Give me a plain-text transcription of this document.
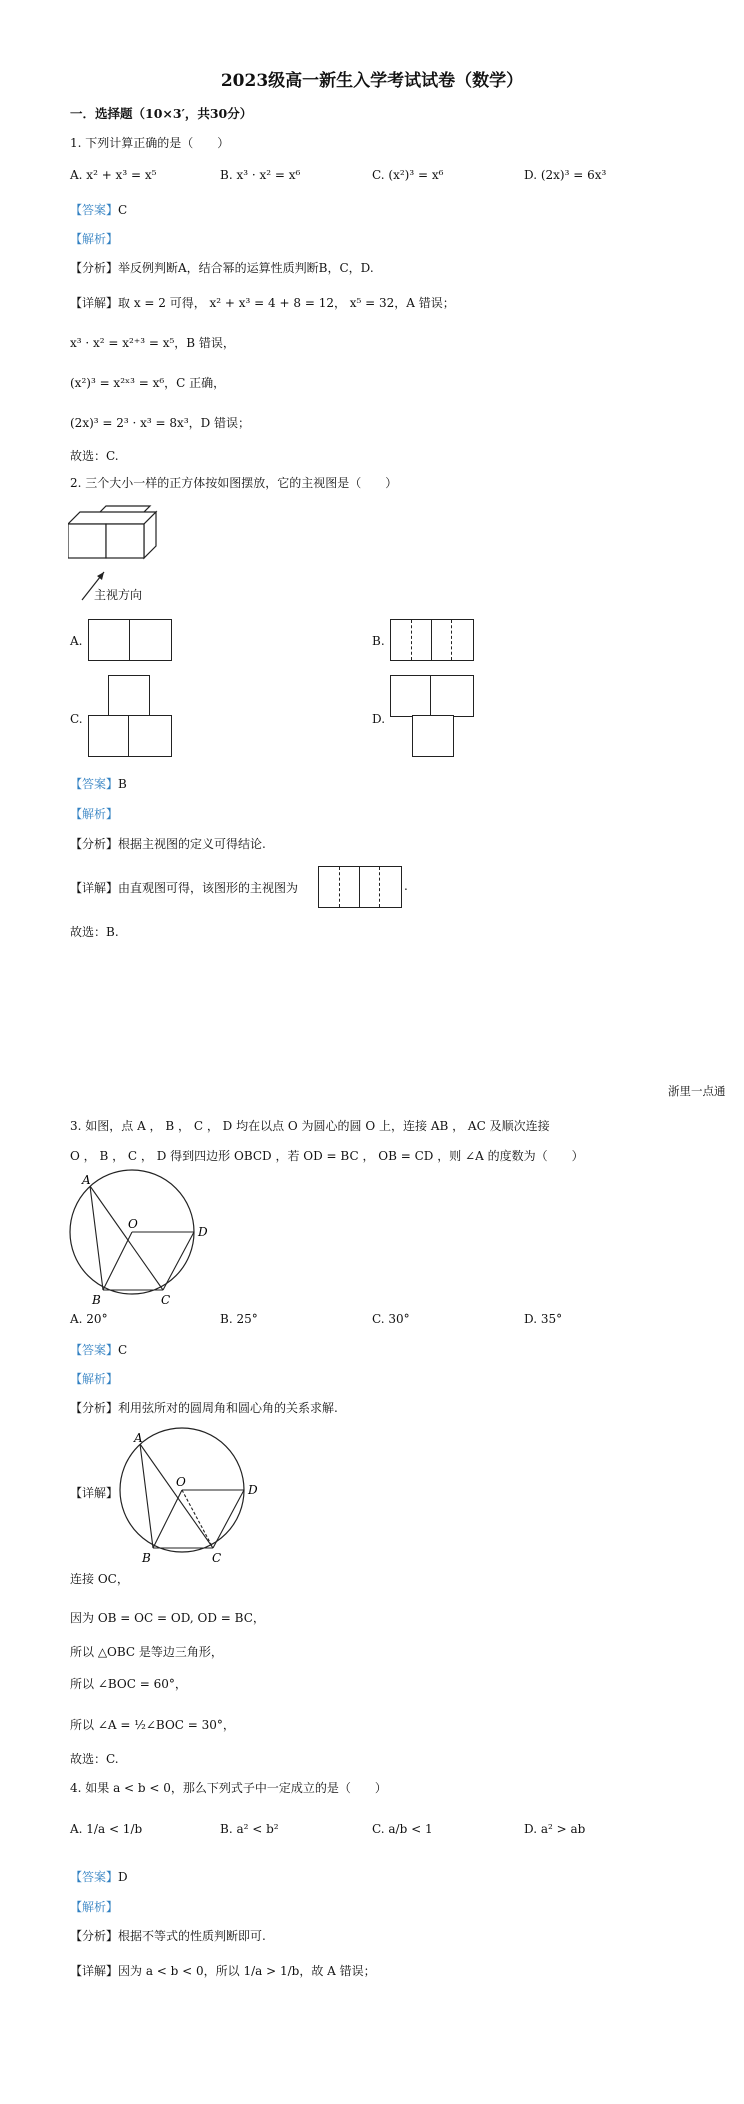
2023级高一新生入学考试试卷（数学）
一．选择题（10×3′，共30分）
1. 下列计算正确的是（　　）
A. x² + x³ = x⁵	B. x³ · x² = x⁶	C. (x²)³ = x⁶	D. (2x)³ = 6x³
【答案】C
【解析】
【分析】举反例判断A，结合幂的运算性质判断B，C，D.
【详解】取 x = 2 可得， x² + x³ = 4 + 8 = 12， x⁵ = 32，A 错误；
x³ · x² = x²⁺³ = x⁵，B 错误，
(x²)³ = x²ˣ³ = x⁶，C 正确，
(2x)³ = 2³ · x³ = 8x³，D 错误；
故选：C.
2. 三个大小一样的正方体按如图摆放，它的主视图是（　　）
主视方向
A.	B.
C.	D.
【答案】B
【解析】
【分析】根据主视图的定义可得结论.
【详解】由直观图可得，该图形的主视图为	.
故选：B.
浙里一点通
3. 如图，点 A ， B ， C ， D 均在以点 O 为圆心的圆 O 上，连接 AB ， AC 及顺次连接
O ， B ， C ， D 得到四边形 OBCD ，若 OD = BC ， OB = CD ，则 ∠A 的度数为（　　）
A
O
D
B	C
A. 20°	B. 25°	C. 30°	D. 35°
【答案】C
【解析】
【分析】利用弦所对的圆周角和圆心角的关系求解.
【详解】
A
O
D
B	C
连接 OC，
因为 OB = OC = OD, OD = BC，
所以 △OBC 是等边三角形，
所以 ∠BOC = 60°，
所以 ∠A = ½∠BOC = 30°，
故选：C.
4. 如果 a < b < 0，那么下列式子中一定成立的是（　　）
A. 1/a < 1/b	B. a² < b²	C. a/b < 1	D. a² > ab
【答案】D
【解析】
【分析】根据不等式的性质判断即可.
【详解】因为 a < b < 0，所以 1/a > 1/b，故 A 错误；
